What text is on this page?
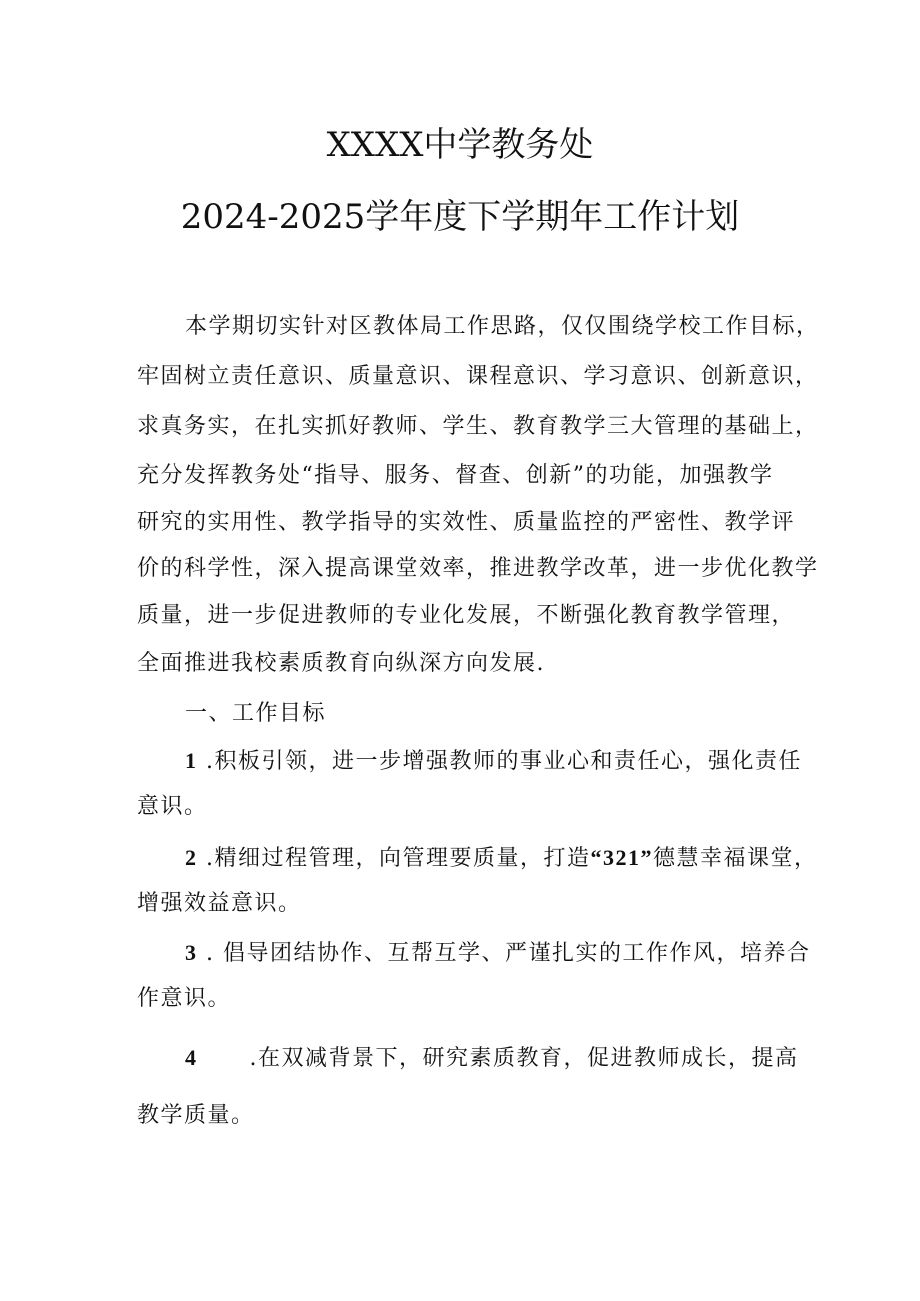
XXXX中学教务处
2024-2025学年度下学期年工作计划
本学期切实针对区教体局工作思路，仅仅围绕学校工作目标，
牢固树立责任意识、质量意识、课程意识、学习意识、创新意识，
求真务实，在扎实抓好教师、学生、教育教学三大管理的基础上，
充分发挥教务处“指导、服务、督查、创新”的功能，加强教学
研究的实用性、教学指导的实效性、质量监控的严密性、教学评
价的科学性，深入提高课堂效率，推进教学改革，进一步优化教学
质量，进一步促进教师的专业化发展，不断强化教育教学管理，
全面推进我校素质教育向纵深方向发展.
一、工作目标
1 .积板引领，进一步增强教师的事业心和责任心，强化责任
意识。
2 .精细过程管理，向管理要质量，打造“321”德慧幸福课堂，
增强效益意识。
3 . 倡导团结协作、互帮互学、严谨扎实的工作作风，培养合
作意识。
4 .在双减背景下，研究素质教育，促进教师成长，提高
教学质量。
